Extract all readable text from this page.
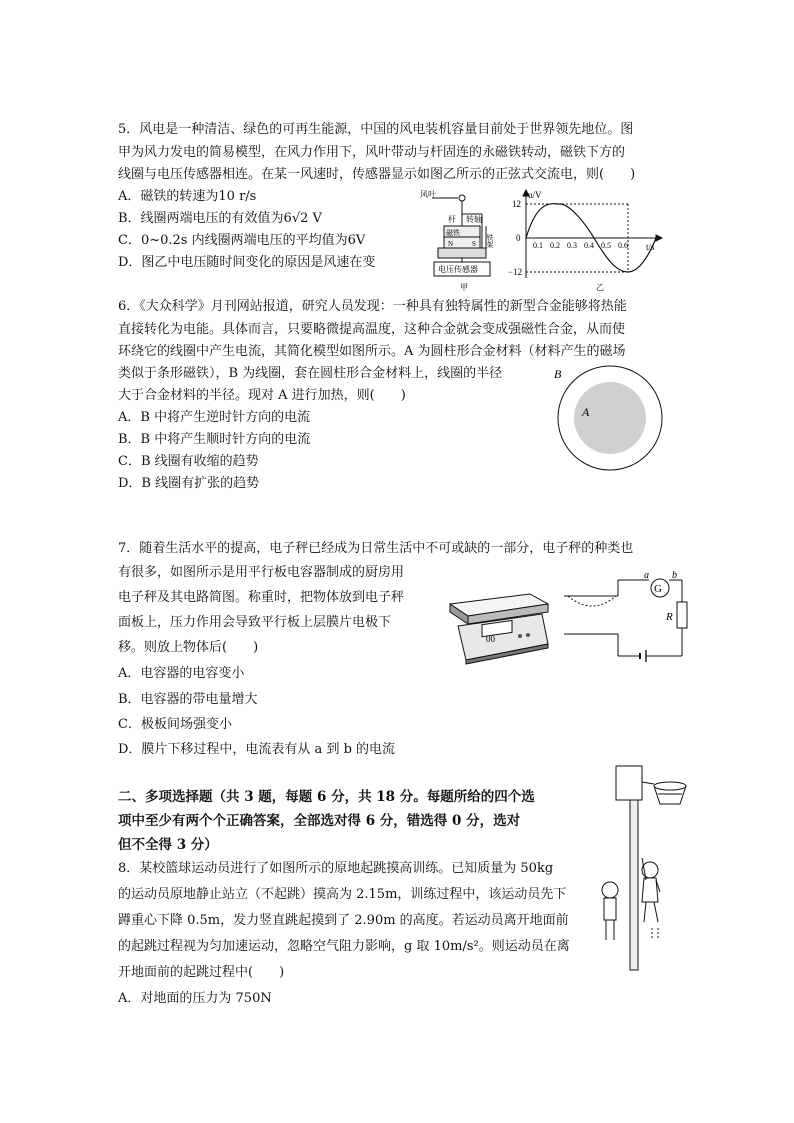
5．风电是一种清洁、绿色的可再生能源，中国的风电装机容量目前处于世界领先地位。图
甲为风力发电的简易模型，在风力作用下，风叶带动与杆固连的永磁铁转动，磁铁下方的
线圈与电压传感器相连。在某一风速时，传感器显示如图乙所示的正弦式交流电，则(　　)
A．磁铁的转速为10 r/s
B．线圈两端电压的有效值为6√2 V
C．0~0.2s 内线圈两端电压的平均值为6V
D．图乙中电压随时间变化的原因是风速在变
风叶
杆 转轴
磁铁
N	S 铁架
电压传感器
甲
u/V
t/s
12
0
−12
0.1 0.2 0.3 0.4 0.5 0.6
乙
6．《大众科学》月刊网站报道，研究人员发现：一种具有独特属性的新型合金能够将热能
直接转化为电能。具体而言，只要略微提高温度，这种合金就会变成强磁性合金，从而使
环绕它的线圈中产生电流，其简化模型如图所示。A 为圆柱形合金材料（材料产生的磁场
类似于条形磁铁），B 为线圈，套在圆柱形合金材料上，线圈的半径
大于合金材料的半径。现对 A 进行加热，则(　　)
A．B 中将产生逆时针方向的电流
B．B 中将产生顺时针方向的电流
C．B 线圈有收缩的趋势
D．B 线圈有扩张的趋势
B
A
7．随着生活水平的提高，电子秤已经成为日常生活中不可或缺的一部分，电子秤的种类也
有很多，如图所示是用平行板电容器制成的厨房用
电子秤及其电路简图。称重时，把物体放到电子秤
面板上，压力作用会导致平行板上层膜片电极下
移。则放上物体后(　　)
A．电容器的电容变小
B．电容器的带电量增大
C．极板间场强变小
D．膜片下移过程中，电流表有从 a 到 b 的电流
00
G
a b
R
二、多项选择题（共 3 题，每题 6 分，共 18 分。每题所给的四个选
项中至少有两个个正确答案，全部选对得 6 分，错选得 0 分，选对
但不全得 3 分）
8．某校篮球运动员进行了如图所示的原地起跳摸高训练。已知质量为 50kg
的运动员原地静止站立（不起跳）摸高为 2.15m，训练过程中，该运动员先下
蹲重心下降 0.5m，发力竖直跳起摸到了 2.90m 的高度。若运动员离开地面前
的起跳过程视为匀加速运动，忽略空气阻力影响，g 取 10m/s²。则运动员在离
开地面前的起跳过程中(　　)
A．对地面的压力为 750N
